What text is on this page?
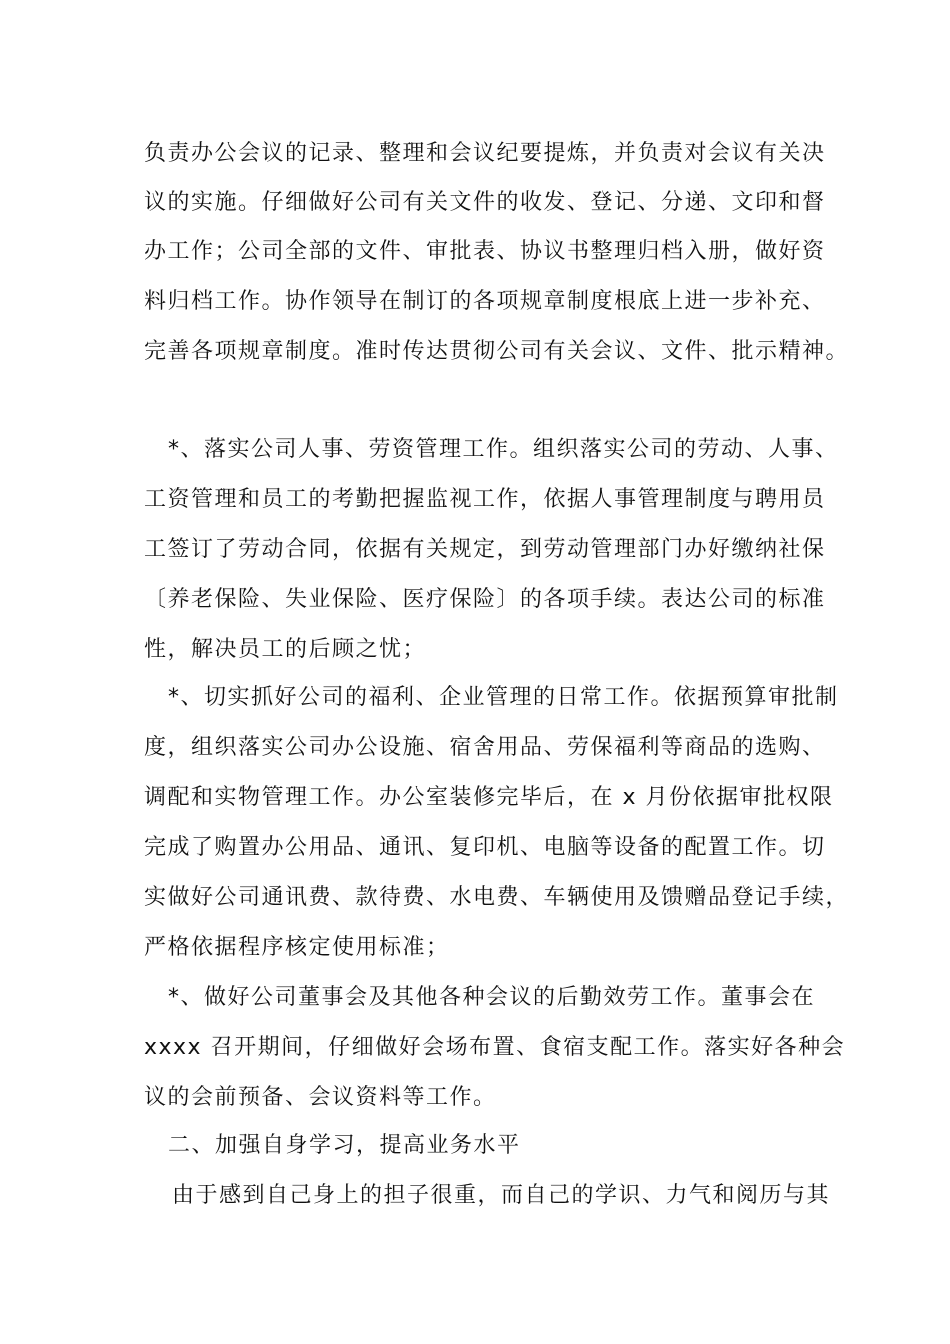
负责办公会议的记录、整理和会议纪要提炼，并负责对会议有关决
议的实施。仔细做好公司有关文件的收发、登记、分递、文印和督
办工作；公司全部的文件、审批表、协议书整理归档入册，做好资
料归档工作。协作领导在制订的各项规章制度根底上进一步补充、
完善各项规章制度。准时传达贯彻公司有关会议、文件、批示精神。
*、落实公司人事、劳资管理工作。组织落实公司的劳动、人事、
工资管理和员工的考勤把握监视工作，依据人事管理制度与聘用员
工签订了劳动合同，依据有关规定，到劳动管理部门办好缴纳社保
〔养老保险、失业保险、医疗保险〕的各项手续。表达公司的标准
性，解决员工的后顾之忧；
*、切实抓好公司的福利、企业管理的日常工作。依据预算审批制
度，组织落实公司办公设施、宿舍用品、劳保福利等商品的选购、
调配和实物管理工作。办公室装修完毕后，在 x 月份依据审批权限
完成了购置办公用品、通讯、复印机、电脑等设备的配置工作。切
实做好公司通讯费、款待费、水电费、车辆使用及馈赠品登记手续，
严格依据程序核定使用标准；
*、做好公司董事会及其他各种会议的后勤效劳工作。董事会在
xxxx 召开期间，仔细做好会场布置、食宿支配工作。落实好各种会
议的会前预备、会议资料等工作。
二、加强自身学习，提高业务水平
由于感到自己身上的担子很重，而自己的学识、力气和阅历与其
